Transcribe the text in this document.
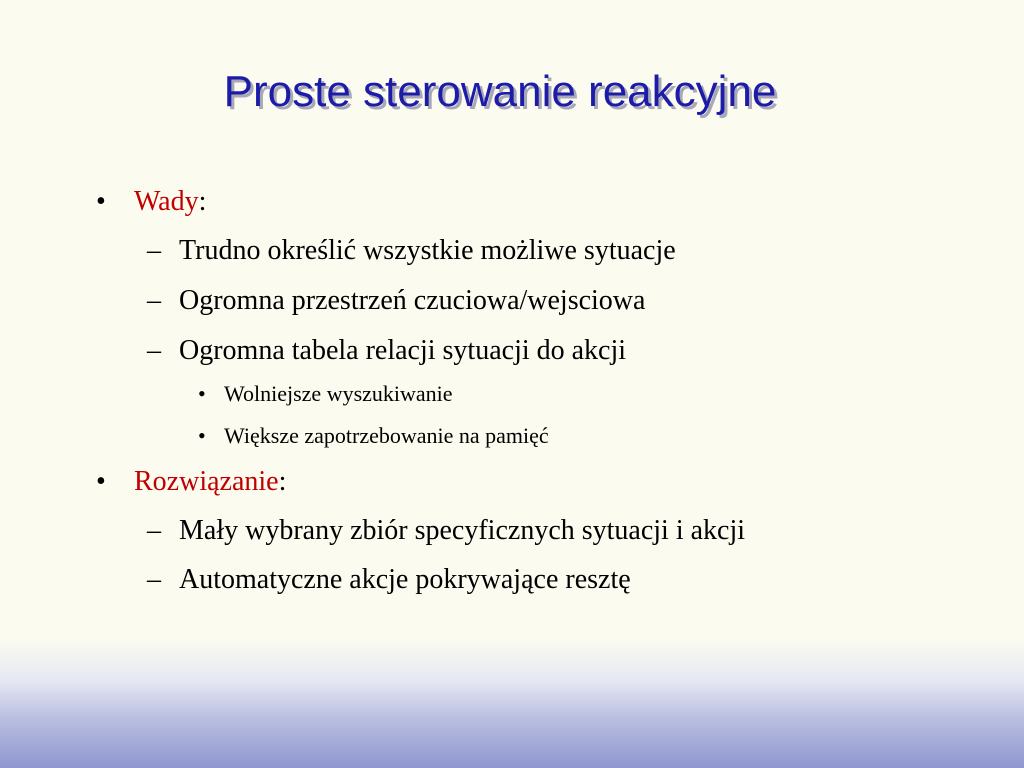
Proste sterowanie reakcyjne
• Wady:
– Trudno określić wszystkie możliwe sytuacje
– Ogromna przestrzeń czuciowa/wejsciowa
– Ogromna tabela relacji sytuacji do akcji
• Wolniejsze wyszukiwanie
• Większe zapotrzebowanie na pamięć
• Rozwiązanie:
– Mały wybrany zbiór specyficznych sytuacji i akcji
– Automatyczne akcje pokrywające resztę
